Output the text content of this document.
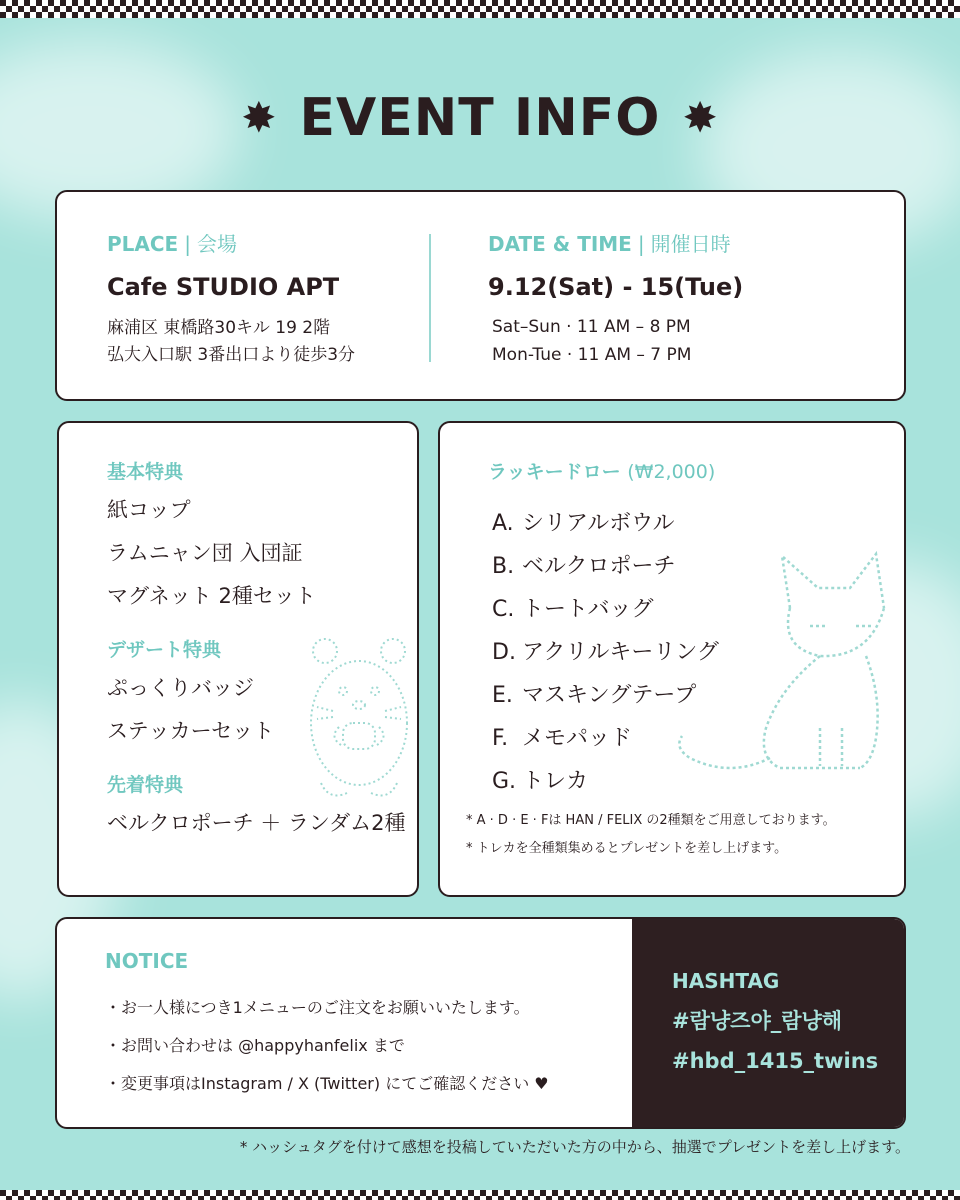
✸ EVENT INFO ✸
PLACE | 会場
Cafe STUDIO APT
麻浦区 東橋路30キル 19 2階
弘大入口駅 3番出口より徒歩3分
DATE & TIME | 開催日時
9.12(Sat) - 15(Tue)
Sat–Sun · 11 AM – 8 PM
Mon-Tue · 11 AM – 7 PM
基本特典
紙コップ
ラムニャン団 入団証
マグネット 2種セット
デザート特典
ぷっくりバッジ
ステッカーセット
先着特典
ベルクロポーチ ＋ ランダム2種
ラッキードロー (₩2,000)
A. シリアルボウル
B. ベルクロポーチ
C. トートバッグ
D. アクリルキーリング
E. マスキングテープ
F. メモパッド
G. トレカ
* A · D · E · Fは HAN / FELIX の2種類をご用意しております。
* トレカを全種類集めるとプレゼントを差し上げます。
NOTICE
・お一人様につき1メニューのご注文をお願いいたします。
・お問い合わせは @happyhanfelix まで
・変更事項はInstagram / X (Twitter) にてご確認ください ♥
HASHTAG
#람냥즈야_람냥해
#hbd_1415_twins
* ハッシュタグを付けて感想を投稿していただいた方の中から、抽選でプレゼントを差し上げます。
